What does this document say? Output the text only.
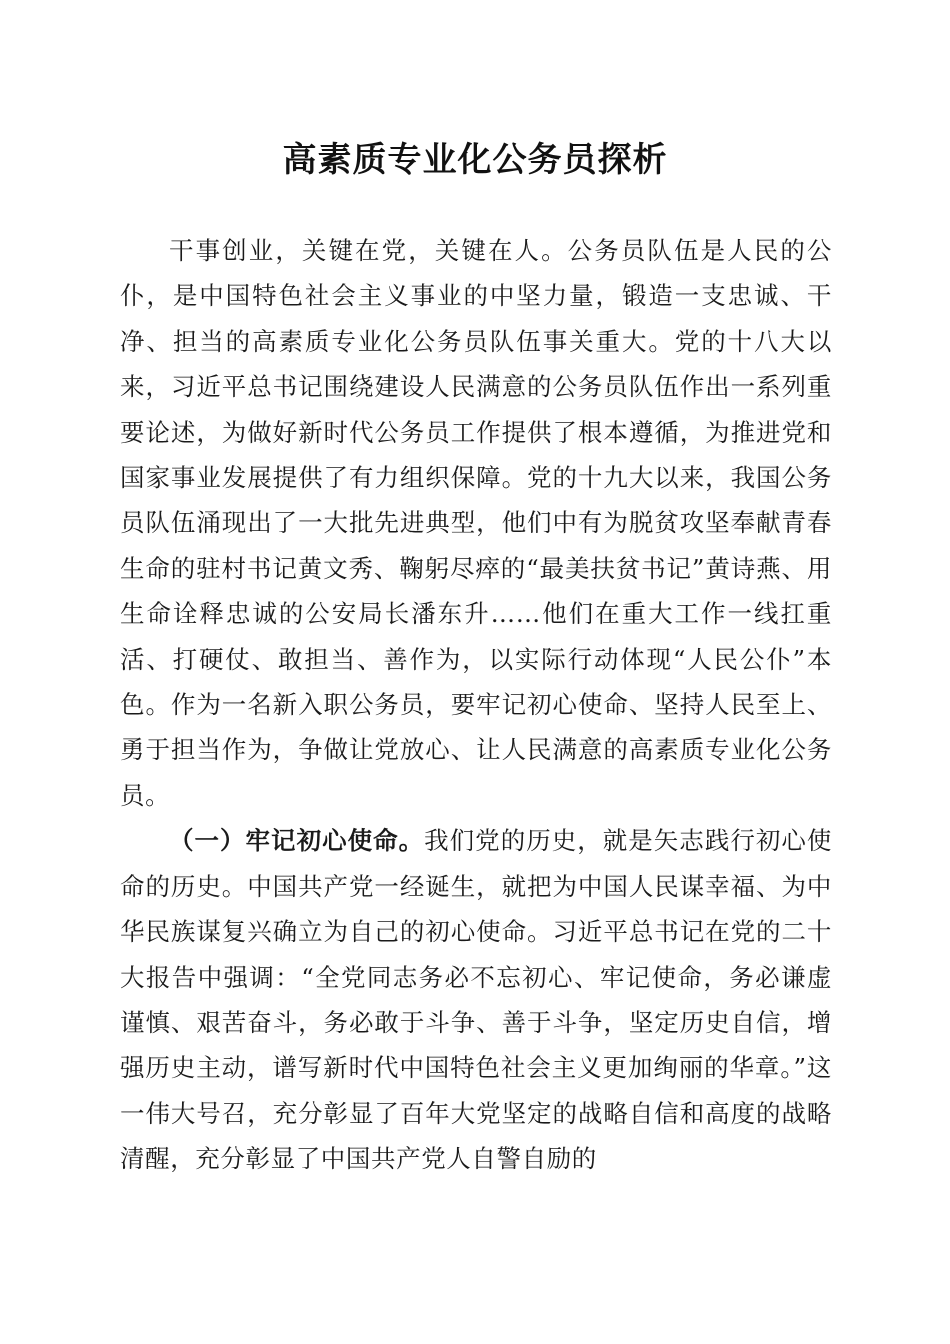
高素质专业化公务员探析

干事创业，关键在党，关键在人。公务员队伍是人民的公仆，是中国特色社会主义事业的中坚力量，锻造一支忠诚、干净、担当的高素质专业化公务员队伍事关重大。党的十八大以来，习近平总书记围绕建设人民满意的公务员队伍作出一系列重要论述，为做好新时代公务员工作提供了根本遵循，为推进党和国家事业发展提供了有力组织保障。党的十九大以来，我国公务员队伍涌现出了一大批先进典型，他们中有为脱贫攻坚奉献青春生命的驻村书记黄文秀、鞠躬尽瘁的“最美扶贫书记”黄诗燕、用生命诠释忠诚的公安局长潘东升……他们在重大工作一线扛重活、打硬仗、敢担当、善作为，以实际行动体现“人民公仆”本色。作为一名新入职公务员，要牢记初心使命、坚持人民至上、勇于担当作为，争做让党放心、让人民满意的高素质专业化公务员。

（一）牢记初心使命。我们党的历史，就是矢志践行初心使命的历史。中国共产党一经诞生，就把为中国人民谋幸福、为中华民族谋复兴确立为自己的初心使命。习近平总书记在党的二十大报告中强调：“全党同志务必不忘初心、牢记使命，务必谦虚谨慎、艰苦奋斗，务必敢于斗争、善于斗争，坚定历史自信，增强历史主动，谱写新时代中国特色社会主义更加绚丽的华章。”这一伟大号召，充分彰显了百年大党坚定的战略自信和高度的战略清醒，充分彰显了中国共产党人自警自励的
